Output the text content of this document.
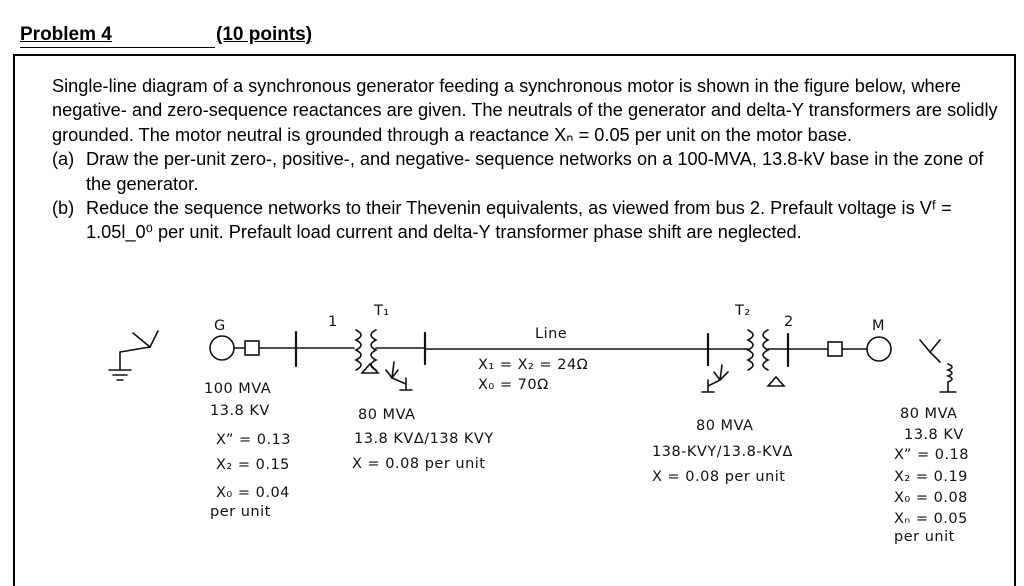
Problem 4	(10 points)

Single-line diagram of a synchronous generator feeding a synchronous motor is shown in the figure below, where negative- and zero-sequence reactances are given. The neutrals of the generator and delta-Y transformers are solidly grounded. The motor neutral is grounded through a reactance Xₙ = 0.05 per unit on the motor base.

(a) Draw the per-unit zero-, positive-, and negative- sequence networks on a 100-MVA, 13.8-kV base in the zone of the generator.
(b) Reduce the sequence networks to their Thevenin equivalents, as viewed from bus 2. Prefault voltage is Vᶠ = 1.05l_0⁰ per unit. Prefault load current and delta-Y transformer phase shift are neglected.
G	1
T₁
Line
X₁ = X₂ = 24Ω
X₀ = 70Ω
T₂
2	M
100 MVA
13.8 KV
X” = 0.13
X₂ = 0.15
X₀ = 0.04
per unit
80 MVA
13.8 KVΔ/138 KVY
X = 0.08 per unit
80 MVA
138-KVY/13.8-KVΔ
X = 0.08 per unit
80 MVA
13.8 KV
X” = 0.18
X₂ = 0.19
X₀ = 0.08
Xₙ = 0.05
per unit
